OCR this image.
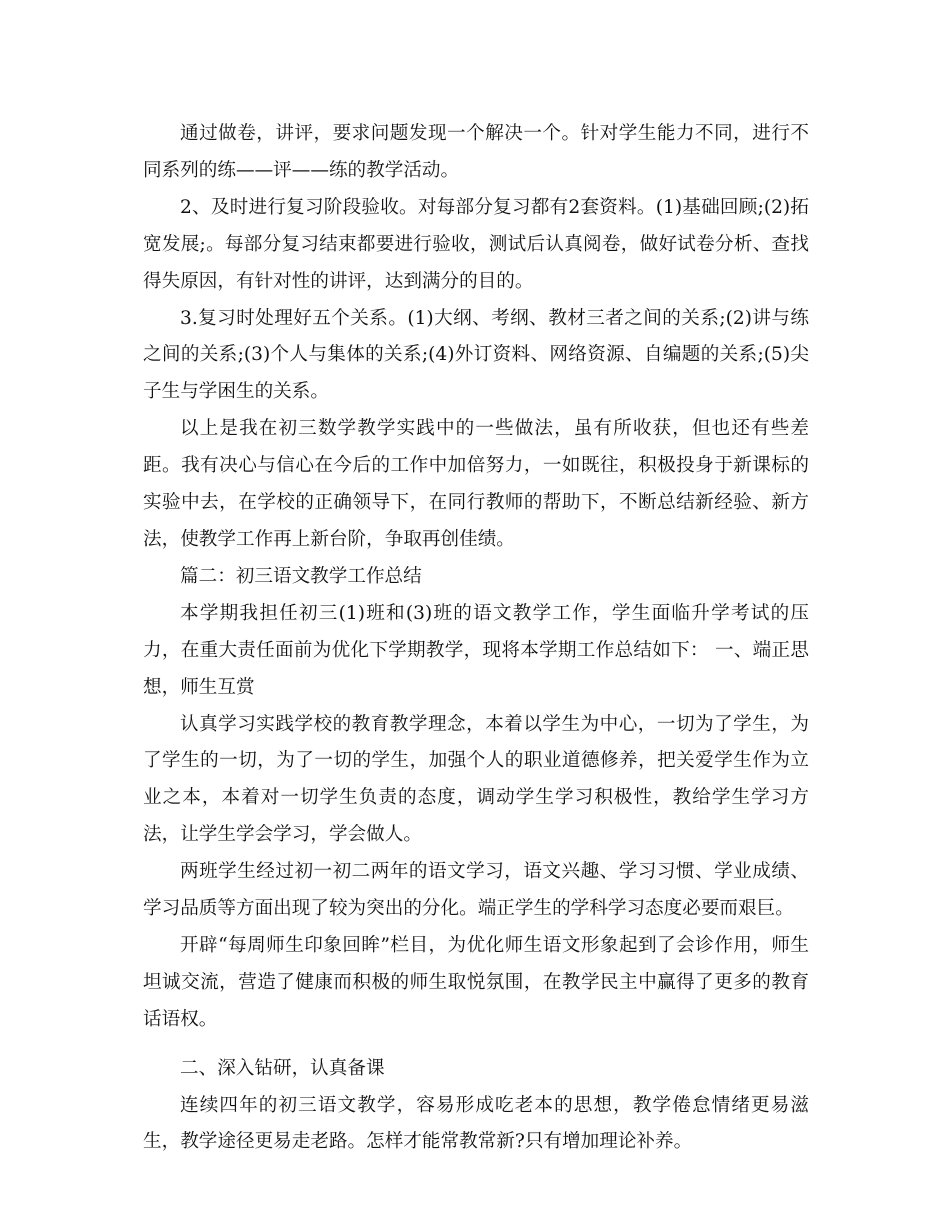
通过做卷，讲评，要求问题发现一个解决一个。针对学生能力不同，进行不同系列的练——评——练的教学活动。

2、及时进行复习阶段验收。对每部分复习都有2套资料。(1)基础回顾;(2)拓宽发展;。每部分复习结束都要进行验收，测试后认真阅卷，做好试卷分析、查找得失原因，有针对性的讲评，达到满分的目的。

3.复习时处理好五个关系。(1)大纲、考纲、教材三者之间的关系;(2)讲与练之间的关系;(3)个人与集体的关系;(4)外订资料、网络资源、自编题的关系;(5)尖子生与学困生的关系。

以上是我在初三数学教学实践中的一些做法，虽有所收获，但也还有些差距。我有决心与信心在今后的工作中加倍努力，一如既往，积极投身于新课标的实验中去，在学校的正确领导下，在同行教师的帮助下，不断总结新经验、新方法，使教学工作再上新台阶，争取再创佳绩。

篇二：初三语文教学工作总结

本学期我担任初三(1)班和(3)班的语文教学工作，学生面临升学考试的压力，在重大责任面前为优化下学期教学，现将本学期工作总结如下： 一、端正思想，师生互赏

认真学习实践学校的教育教学理念，本着以学生为中心，一切为了学生，为了学生的一切，为了一切的学生，加强个人的职业道德修养，把关爱学生作为立业之本，本着对一切学生负责的态度，调动学生学习积极性，教给学生学习方法，让学生学会学习，学会做人。

两班学生经过初一初二两年的语文学习，语文兴趣、学习习惯、学业成绩、学习品质等方面出现了较为突出的分化。端正学生的学科学习态度必要而艰巨。

开辟“每周师生印象回眸”栏目，为优化师生语文形象起到了会诊作用，师生坦诚交流，营造了健康而积极的师生取悦氛围，在教学民主中赢得了更多的教育话语权。

二、深入钻研，认真备课

连续四年的初三语文教学，容易形成吃老本的思想，教学倦怠情绪更易滋生，教学途径更易走老路。怎样才能常教常新?只有增加理论补养。
